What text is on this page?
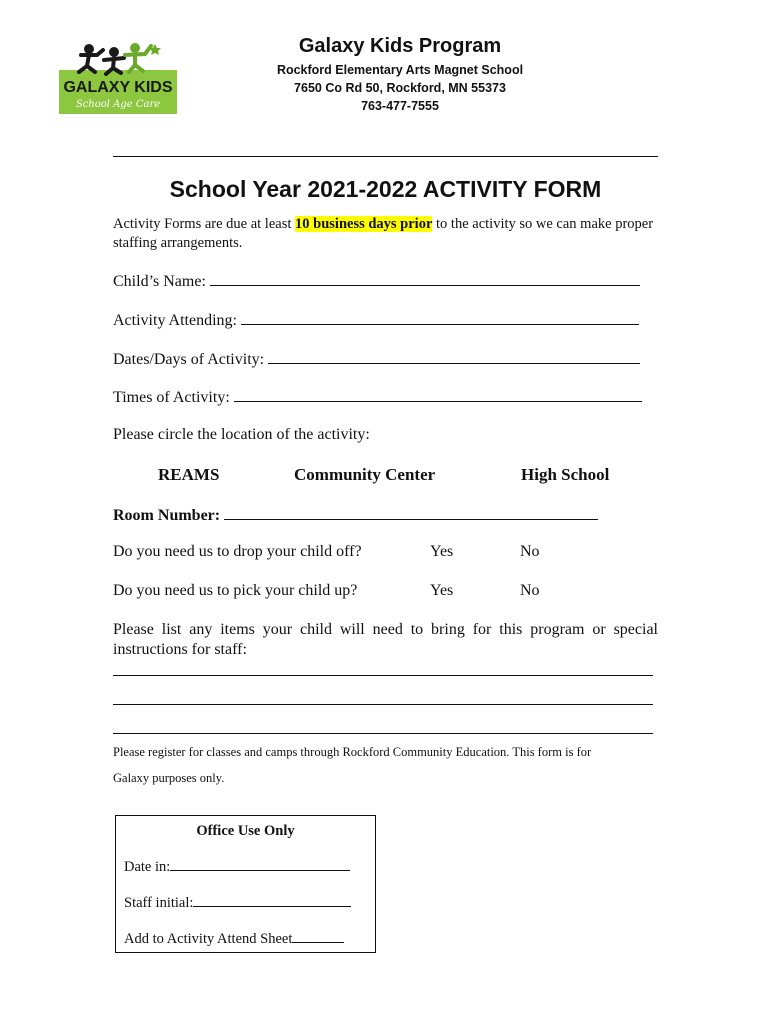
GALAXY KIDS
School Age Care
Galaxy Kids Program
Rockford Elementary Arts Magnet School
7650 Co Rd 50, Rockford, MN 55373
763-477-7555
School Year 2021-2022 ACTIVITY FORM
Activity Forms are due at least 10 business days prior to the activity so we can make proper staffing arrangements.
Child’s Name:
Activity Attending:
Dates/Days of Activity:
Times of Activity:
Please circle the location of the activity:
REAMS	Community Center	High School
Room Number:
Do you need us to drop your child off?	Yes	No
Do you need us to pick your child up?	Yes	No
Please list any items your child will need to bring for this program or special instructions for staff:
Please register for classes and camps through Rockford Community Education. This form is for
Galaxy purposes only.
Office Use Only
Date in:
Staff initial:
Add to Activity Attend Sheet
